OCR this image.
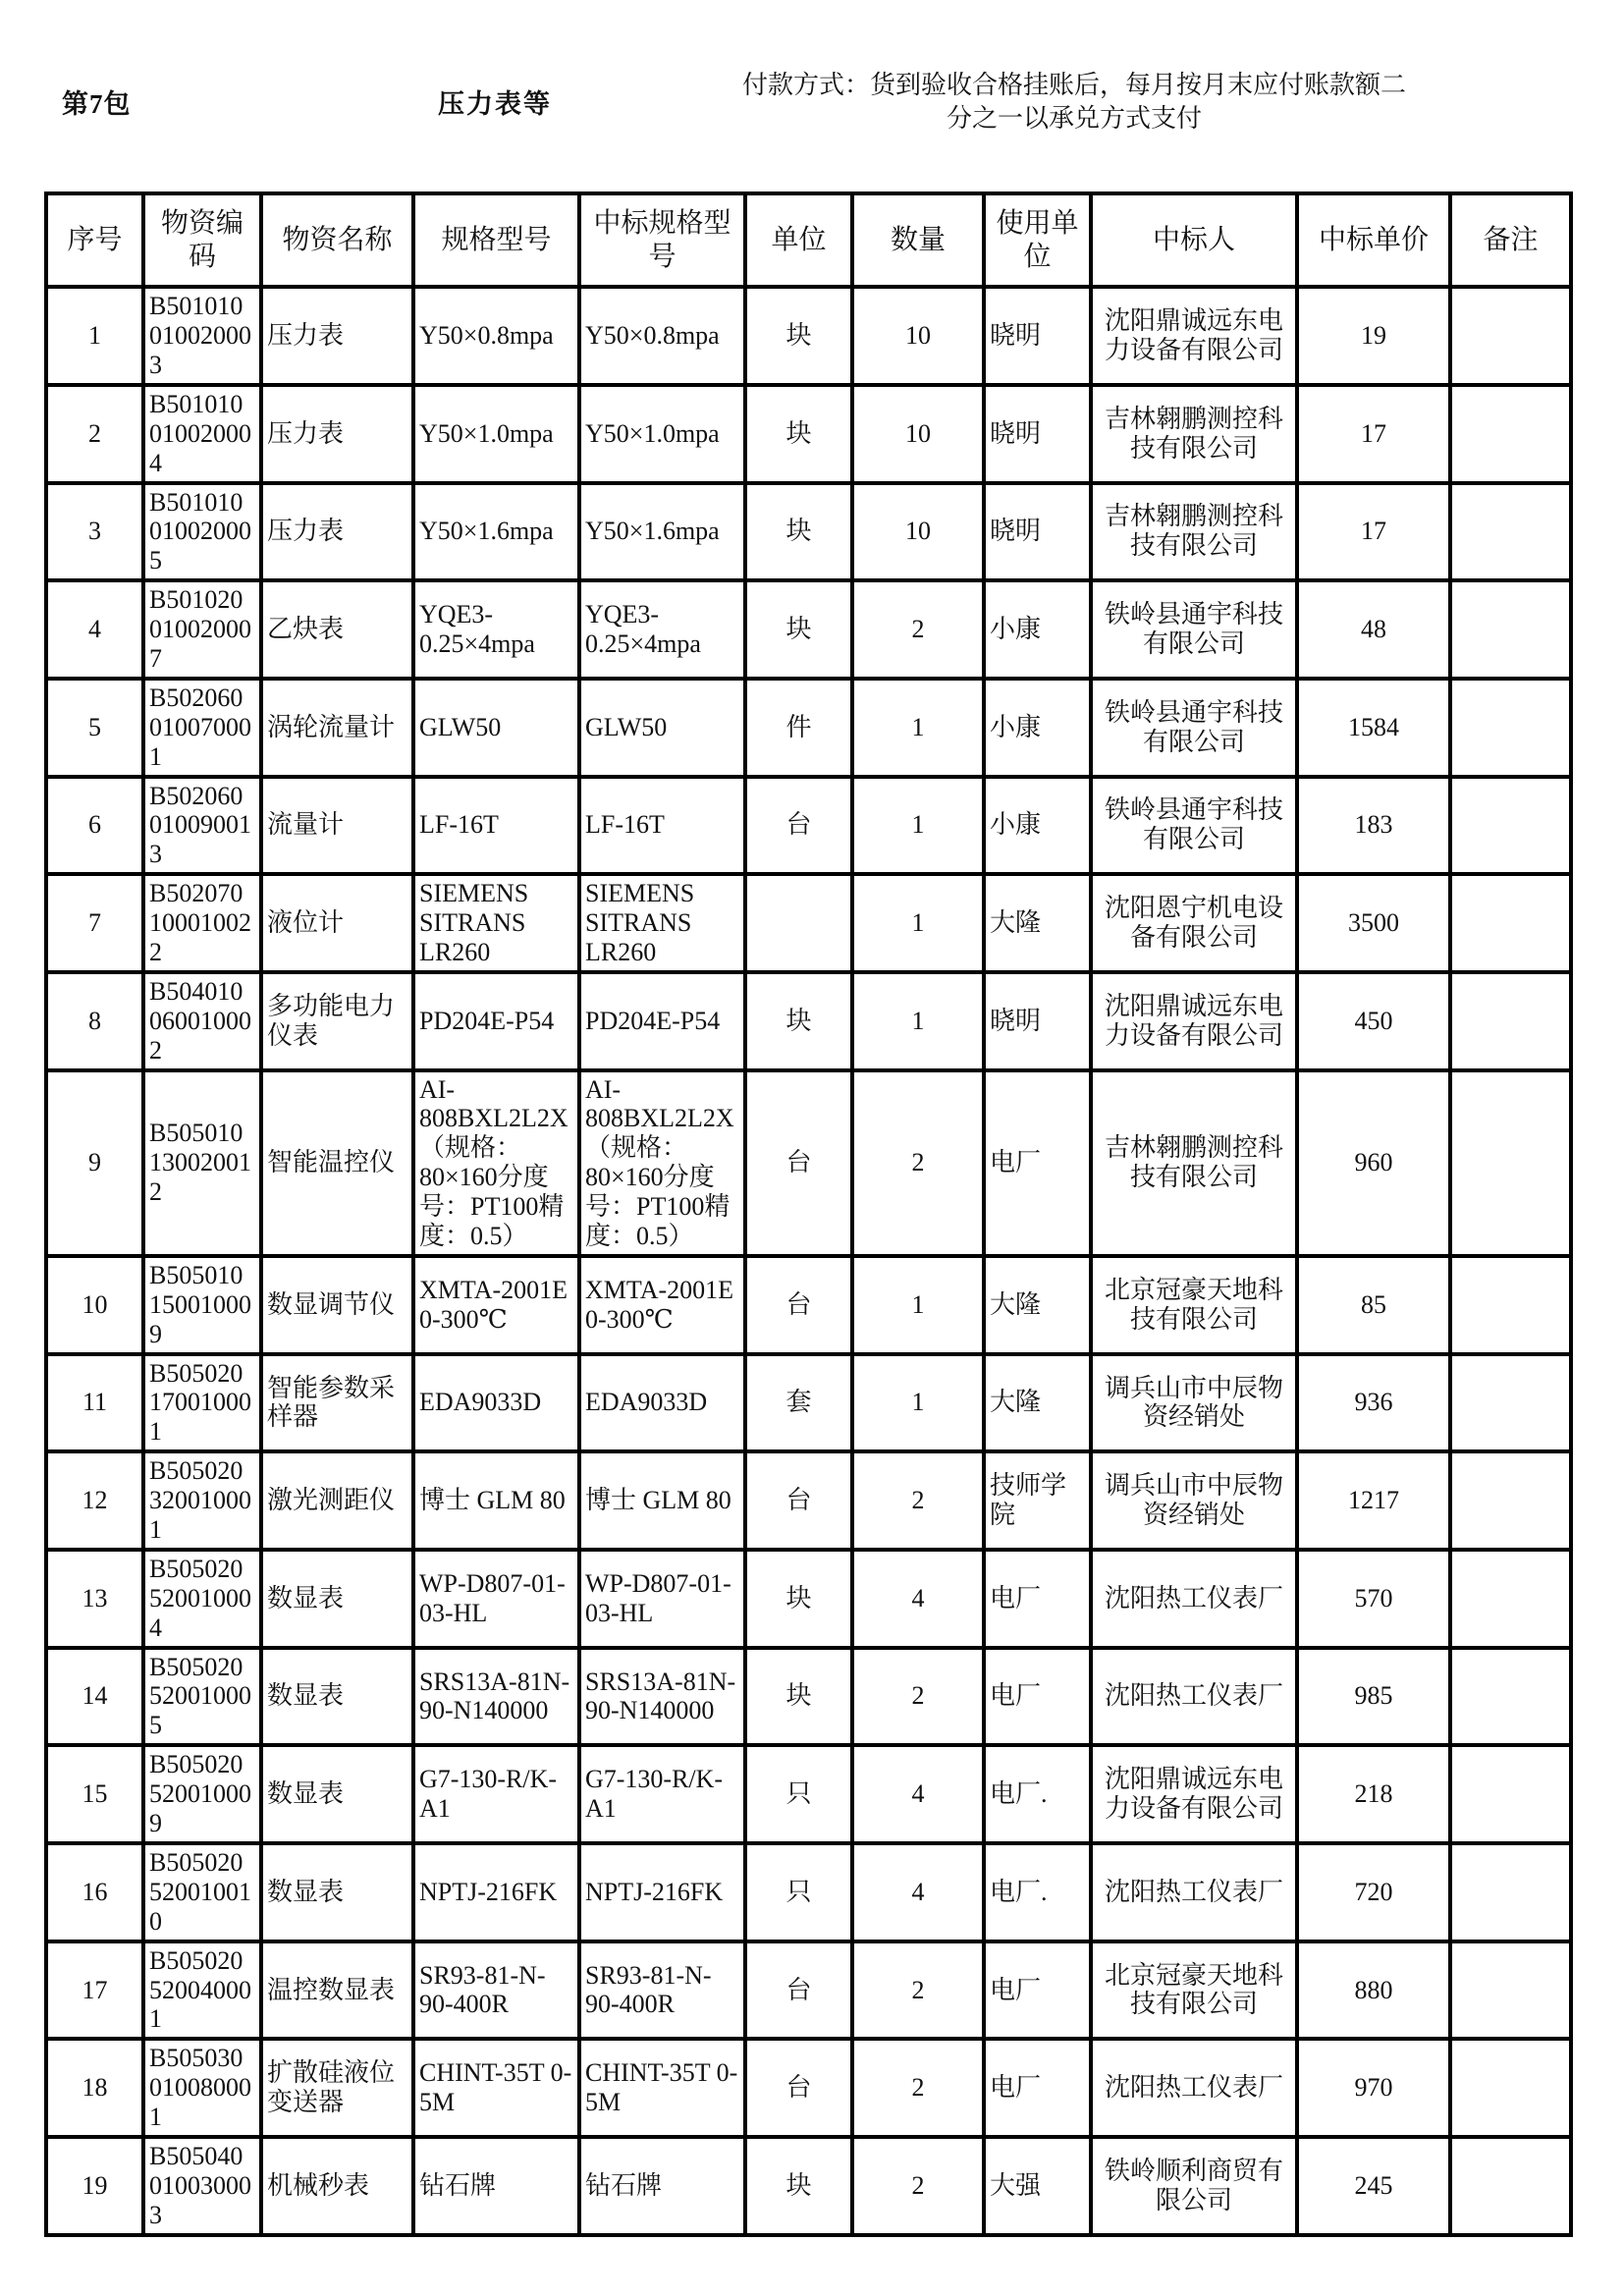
第7包	压力表等
付款方式：货到验收合格挂账后，每月按月末应付账款额二
分之一以承兑方式支付
序号	物资编码	物资名称	规格型号	中标规格型号	单位	数量	使用单位	中标人	中标单价	备注
1	B501010010020003	压力表	Y50×0.8mpa	Y50×0.8mpa	块	10	晓明	沈阳鼎诚远东电力设备有限公司	19	
2	B501010010020004	压力表	Y50×1.0mpa	Y50×1.0mpa	块	10	晓明	吉林翱鹏测控科技有限公司	17	
3	B501010010020005	压力表	Y50×1.6mpa	Y50×1.6mpa	块	10	晓明	吉林翱鹏测控科技有限公司	17	
4	B501020010020007	乙炔表	YQE3-0.25×4mpa	YQE3-0.25×4mpa	块	2	小康	铁岭县通宇科技有限公司	48	
5	B502060010070001	涡轮流量计	GLW50	GLW50	件	1	小康	铁岭县通宇科技有限公司	1584	
6	B502060010090013	流量计	LF-16T	LF-16T	台	1	小康	铁岭县通宇科技有限公司	183	
7	B502070100010022	液位计	SIEMENS SITRANS LR260	SIEMENS SITRANS LR260		1	大隆	沈阳恩宁机电设备有限公司	3500	
8	B504010060010002	多功能电力仪表	PD204E-P54	PD204E-P54	块	1	晓明	沈阳鼎诚远东电力设备有限公司	450	
9	B505010130020012	智能温控仪	AI-808BXL2L2X（规格：80×160分度号：PT100精度：0.5）	AI-808BXL2L2X（规格：80×160分度号：PT100精度：0.5）	台	2	电厂	吉林翱鹏测控科技有限公司	960	
10	B505010150010009	数显调节仪	XMTA-2001E 0-300℃	XMTA-2001E 0-300℃	台	1	大隆	北京冠豪天地科技有限公司	85	
11	B505020170010001	智能参数采样器	EDA9033D	EDA9033D	套	1	大隆	调兵山市中辰物资经销处	936	
12	B505020320010001	激光测距仪	博士 GLM 80	博士 GLM 80	台	2	技师学院	调兵山市中辰物资经销处	1217	
13	B505020520010004	数显表	WP-D807-01-03-HL	WP-D807-01-03-HL	块	4	电厂	沈阳热工仪表厂	570	
14	B505020520010005	数显表	SRS13A-81N-90-N140000	SRS13A-81N-90-N140000	块	2	电厂	沈阳热工仪表厂	985	
15	B505020520010009	数显表	G7-130-R/K-A1	G7-130-R/K-A1	只	4	电厂.	沈阳鼎诚远东电力设备有限公司	218	
16	B505020520010010	数显表	NPTJ-216FK	NPTJ-216FK	只	4	电厂.	沈阳热工仪表厂	720	
17	B505020520040001	温控数显表	SR93-81-N-90-400R	SR93-81-N-90-400R	台	2	电厂	北京冠豪天地科技有限公司	880	
18	B505030010080001	扩散硅液位变送器	CHINT-35T 0-5M	CHINT-35T 0-5M	台	2	电厂	沈阳热工仪表厂	970	
19	B505040010030003	机械秒表	钻石牌	钻石牌	块	2	大强	铁岭顺利商贸有限公司	245	
